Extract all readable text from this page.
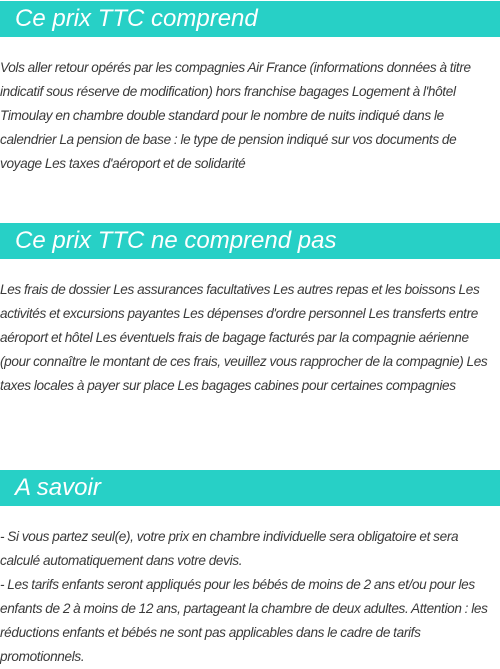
Ce prix TTC comprend

Vols aller retour opérés par les compagnies Air France (informations données à titre indicatif sous réserve de modification) hors franchise bagages Logement à l'hôtel Timoulay en chambre double standard pour le nombre de nuits indiqué dans le calendrier La pension de base : le type de pension indiqué sur vos documents de voyage Les taxes d'aéroport et de solidarité

Ce prix TTC ne comprend pas

Les frais de dossier Les assurances facultatives Les autres repas et les boissons Les activités et excursions payantes Les dépenses d'ordre personnel Les transferts entre aéroport et hôtel Les éventuels frais de bagage facturés par la compagnie aérienne (pour connaître le montant de ces frais, veuillez vous rapprocher de la compagnie) Les taxes locales à payer sur place Les bagages cabines pour certaines compagnies

A savoir

- Si vous partez seul(e), votre prix en chambre individuelle sera obligatoire et sera calculé automatiquement dans votre devis.
- Les tarifs enfants seront appliqués pour les bébés de moins de 2 ans et/ou pour les enfants de 2 à moins de 12 ans, partageant la chambre de deux adultes. Attention : les réductions enfants et bébés ne sont pas applicables dans le cadre de tarifs promotionnels.
